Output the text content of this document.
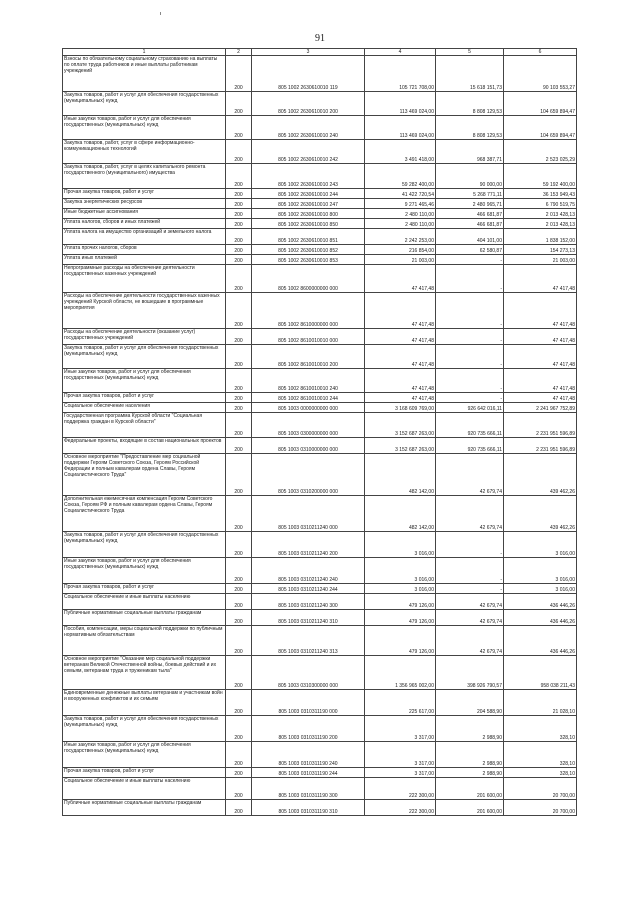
91
1	2	3	4	5	6
Взносы по обязательному социальному страхованию на выплаты по оплате труда работников и иные выплаты работникам учреждений	200	805 1002 2630610010 119	105 721 708,00	15 618 151,73	90 103 553,27
Закупка товаров, работ и услуг для обеспечения государственных (муниципальных) нужд	200	805 1002 2630610010 200	113 469 024,00	8 808 129,53	104 659 894,47
Иные закупки товаров, работ и услуг для обеспечения государственных (муниципальных) нужд	200	805 1002 2630610010 240	113 469 024,00	8 808 129,53	104 659 894,47
Закупка товаров, работ, услуг в сфере информационно-коммуникационных технологий	200	805 1002 2630610010 242	3 491 418,00	968 387,71	2 523 025,29
Закупка товаров, работ, услуг в целях капитального ремонта государственного (муниципального) имущества	200	805 1002 2630610010 243	59 282 400,00	90 000,00	59 192 400,00
Прочая закупка товаров, работ и услуг	200	805 1002 2630610010 244	41 422 720,54	5 268 771,11	36 153 949,43
Закупка энергетических ресурсов	200	805 1002 2630610010 247	9 271 465,46	2 480 965,71	6 790 519,75
Иные бюджетные ассигнования	200	805 1002 2630610010 800	2 480 110,00	466 681,87	2 013 428,13
Уплата налогов, сборов и иных платежей	200	805 1002 2630610010 850	2 480 110,00	466 681,87	2 013 428,13
Уплата налога на имущество организаций и земельного налога	200	805 1002 2630610010 851	2 242 253,00	404 101,00	1 838 152,00
Уплата прочих налогов, сборов	200	805 1002 2630610010 852	216 854,00	62 580,87	154 273,13
Уплата иных платежей	200	805 1002 2630610010 853	21 003,00	-	21 003,00
Непрограммные расходы на обеспечение деятельности государственных казенных учреждений	200	805 1002 8600000000 000	47 417,48	-	47 417,48
Расходы на обеспечение деятельности государственных казенных учреждений Курской области, не вошедшие в программные мероприятия	200	805 1002 8610000000 000	47 417,48	-	47 417,48
Расходы на обеспечение деятельности (оказание услуг) государственных учреждений	200	805 1002 8610010010 000	47 417,48	-	47 417,48
Закупка товаров, работ и услуг для обеспечения государственных (муниципальных) нужд	200	805 1002 8610010010 200	47 417,48	-	47 417,48
Иные закупки товаров, работ и услуг для обеспечения государственных (муниципальных) нужд	200	805 1002 8610010010 240	47 417,48	-	47 417,48
Прочая закупка товаров, работ и услуг	200	805 1002 8610010010 244	47 417,48	-	47 417,48
Социальное обеспечение населения	200	805 1003 0000000000 000	3 168 609 769,00	926 642 016,11	2 241 967 752,89
Государственная программа Курской области "Социальная поддержка граждан в Курской области"	200	805 1003 0300000000 000	3 152 687 263,00	920 735 666,11	2 231 951 596,89
Федеральные проекты, входящие в состав национальных проектов	200	805 1003 0310000000 000	3 152 687 263,00	920 735 666,11	2 231 951 596,89
Основное мероприятие "Предоставление мер социальной поддержки Героям Советского Союза, Героям Российской Федерации и полным кавалерам ордена Славы, Героям Социалистического Труда"	200	805 1003 0310200000 000	482 142,00	42 679,74	439 462,26
Дополнительная ежемесячная компенсация Героям Советского Союза, Героям РФ и полным кавалерам ордена Славы, Героям Социалистического Труда	200	805 1003 0310211240 000	482 142,00	42 679,74	439 462,26
Закупка товаров, работ и услуг для обеспечения государственных (муниципальных) нужд	200	805 1003 0310211240 200	3 016,00	-	3 016,00
Иные закупки товаров, работ и услуг для обеспечения государственных (муниципальных) нужд	200	805 1003 0310211240 240	3 016,00	-	3 016,00
Прочая закупка товаров, работ и услуг	200	805 1003 0310211240 244	3 016,00	-	3 016,00
Социальное обеспечение и иные выплаты населению	200	805 1003 0310211240 300	479 126,00	42 679,74	436 446,26
Публичные нормативные социальные выплаты гражданам	200	805 1003 0310211240 310	479 126,00	42 679,74	436 446,26
Пособия, компенсации, меры социальной поддержки по публичным нормативным обязательствам	200	805 1003 0310211240 313	479 126,00	42 679,74	436 446,26
Основное мероприятие "Оказание мер социальной поддержки ветеранам Великой Отечественной войны, боевых действий и их семьям, ветеранам труда и труженикам тыла"	200	805 1003 0310300000 000	1 356 965 002,00	398 926 790,57	958 038 211,43
Единовременные денежные выплаты ветеранам и участникам войн и вооруженных конфликтов и их семьям	200	805 1003 0310311190 000	225 617,00	204 588,90	21 028,10
Закупка товаров, работ и услуг для обеспечения государственных (муниципальных) нужд	200	805 1003 0310311190 200	3 317,00	2 988,90	328,10
Иные закупки товаров, работ и услуг для обеспечения государственных (муниципальных) нужд	200	805 1003 0310311190 240	3 317,00	2 988,90	328,10
Прочая закупка товаров, работ и услуг	200	805 1003 0310311190 244	3 317,00	2 988,90	328,10
Социальное обеспечение и иные выплаты населению	200	805 1003 0310311190 300	222 300,00	201 600,00	20 700,00
Публичные нормативные социальные выплаты гражданам	200	805 1003 0310311190 310	222 300,00	201 600,00	20 700,00
